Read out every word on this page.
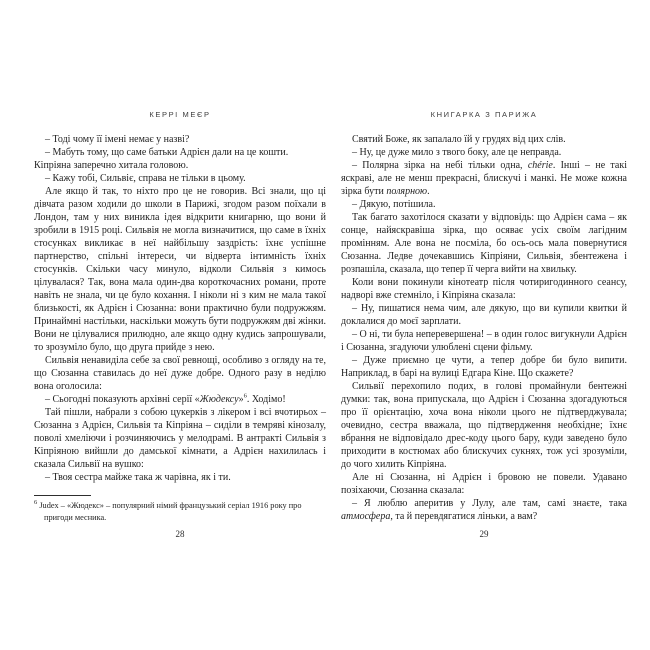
КЕРРІ МЕЄР

– Тоді чому її імені немає у назві?

– Мабуть тому, що саме батьки Адрієн дали на це кошти.

Кіпріяна заперечно хитала головою.

– Кажу тобі, Сильвіє, справа не тільки в цьому.

Але якщо й так, то ніхто про це не говорив. Всі знали, що ці дівчата разом ходили до школи в Парижі, згодом разом поїхали в Лондон, там у них виникла ідея відкрити книгарню, що вони й зробили в 1915 році. Сильвія не могла визначитися, що саме в їхніх стосунках викликає в неї найбільшу заздрість: їхнє успішне партнерство, спільні інтереси, чи відверта інтимність їхніх стосунків. Скільки часу минуло, відколи Сильвія з кимось цілувалася? Так, вона мала один-два короткочасних романи, проте навіть не знала, чи це було кохання. І ніколи ні з ким не мала такої близькості, як Адрієн і Сюзанна: вони практично були подружжям. Принаймні настільки, наскільки можуть бути подружжям дві жінки. Вони не цілувалися прилюдно, але якщо одну кудись запрошували, то зрозуміло було, що друга прийде з нею.

Сильвія ненавиділа себе за свої ревнощі, особливо з огляду на те, що Сюзанна ставилась до неї дуже добре. Одного разу в неділю вона оголосила:

– Сьогодні показують архівні серії «Жюдексу»$^6$. Ходімо!

Тай пішли, набрали з собою цукерків з лікером і всі вчотирьох – Сюзанна з Адрієн, Сильвія та Кіпріяна – сиділи в темряві кінозалу, поволі хмеліючи і розчиняючись у мелодрамі. В антракті Сильвія з Кіпріяною вийшли до дамської кімнати, а Адрієн нахилилась і сказала Сильвії на вушко:

– Твоя сестра майже така ж чарівна, як і ти.

$^6$ Judex – «Жюдекс» – популярний німий французький серіал 1916 року про пригоди месника.
28
КНИГАРКА З ПАРИЖА

Святий Боже, як запалало їй у грудях від цих слів.

– Ну, це дуже мило з твого боку, але це неправда.

– Полярна зірка на небі тільки одна, chérie. Інші – не такі яскраві, але не менш прекрасні, блискучі і манкі. Не може кожна зірка бути полярною.

– Дякую, потішила.

Так багато захотілося сказати у відповідь: що Адрієн сама – як сонце, найяскравіша зірка, що осяває усіх своїм лагідним промінням. Але вона не посміла, бо ось-ось мала повернутися Сюзанна. Ледве дочекавшись Кіпріяни, Сильвія, збентежена і розпашіла, сказала, що тепер її черга вийти на хвильку.

Коли вони покинули кінотеатр після чотиригодинного сеансу, надворі вже стемніло, і Кіпріяна сказала:

– Ну, пишатися нема чим, але дякую, що ви купили квитки й доклалися до моєї зарплати.

– О ні, ти була неперевершена! – в один голос вигукнули Адрієн і Сюзанна, згадуючи улюблені сцени фільму.

– Дуже приємно це чути, а тепер добре би було випити. Наприклад, в барі на вулиці Едгара Кіне. Що скажете?

Сильвії перехопило подих, в голові промайнули бентежні думки: так, вона припускала, що Адрієн і Сюзанна здогадуються про її орієнтацію, хоча вона ніколи цього не підтверджувала; очевидно, сестра вважала, що підтвердження необхідне; їхнє вбрання не відповідало дрес-коду цього бару, куди заведено було приходити в костюмах або блискучих сукнях, тож усі зрозуміли, до чого хилить Кіпріяна.

Але ні Сюзанна, ні Адрієн і бровою не повели. Удавано позіхаючи, Сюзанна сказала:

– Я люблю аперитив у Лулу, але там, самі знаєте, така атмосфера, та й перевдягатися ліньки, а вам?

29
